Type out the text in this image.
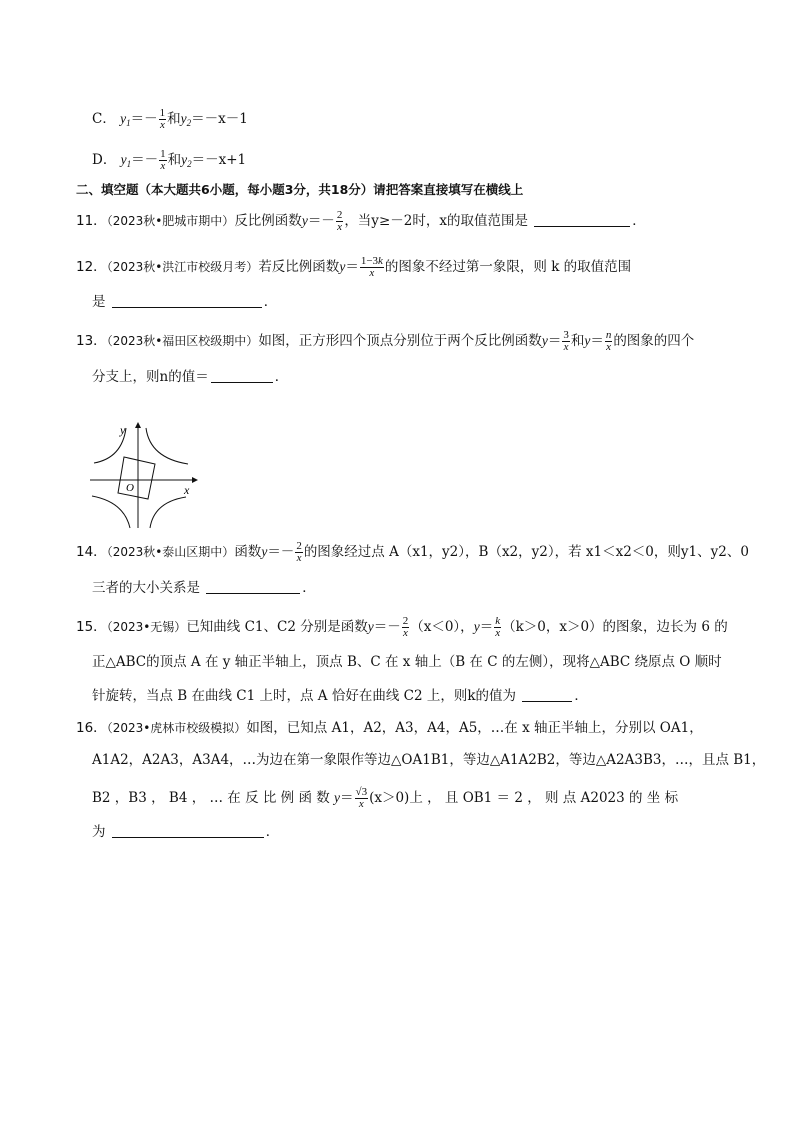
C． $y_1=- \frac{1}{x}$ 和$y_2=-x-1$
D． $y_1=- \frac{1}{x}$ 和$y_2=-x+1$
二、填空题（本大题共6小题，每小题3分，共18分）请把答案直接填写在横线上
11．（2023秋•肥城市期中）反比例函数$y=- \frac{2}{x}$ ，当y≥－2时，x的取值范围是	．
12．（2023秋•洪江市校级月考）若反比例函数$y= \frac{1-3k}{x}$ 的图象不经过第一象限，则 k 的取值范围
是	．
13．（2023秋•福田区校级期中）如图，正方形四个顶点分别位于两个反比例函数$y= \frac{3}{x}$ 和$y= \frac{n}{x}$ 的图象的四个
分支上，则n的值＝	．
y
x
O
14．（2023秋•泰山区期中）函数$y=- \frac{2}{x}$ 的图象经过点 A（x1，y2），B（x2，y2），若 x1＜x2＜0，则y1、y2、0
三者的大小关系是	．
15．（2023•无锡）已知曲线 C1、C2 分别是函数$y=- \frac{2}{x} (x<0)$，$y= \frac{k}{x} (k>0$，x＞0）的图象，边长为 6 的
正△ABC的顶点 A 在 y 轴正半轴上，顶点 B、C 在 x 轴上（B 在 C 的左侧），现将△ABC 绕原点 O 顺时
针旋转，当点 B 在曲线 C1 上时，点 A 恰好在曲线 C2 上，则k的值为	．
16．（2023•虎林市校级模拟）如图，已知点 A1，A2，A3，A4，A5，…在 x 轴正半轴上，分别以 OA1，
A1A2，A2A3，A3A4，…为边在第一象限作等边△OA1B1，等边△A1A2B2，等边△A2A3B3，…，且点 B1，
B2 ，B3 ， B4 ， … 在 反 比 例 函 数 $y= \frac{√3}{x} (x>0)$上 ， 且 OB1 ＝ 2 ， 则 点 A2023 的 坐 标
为	．
